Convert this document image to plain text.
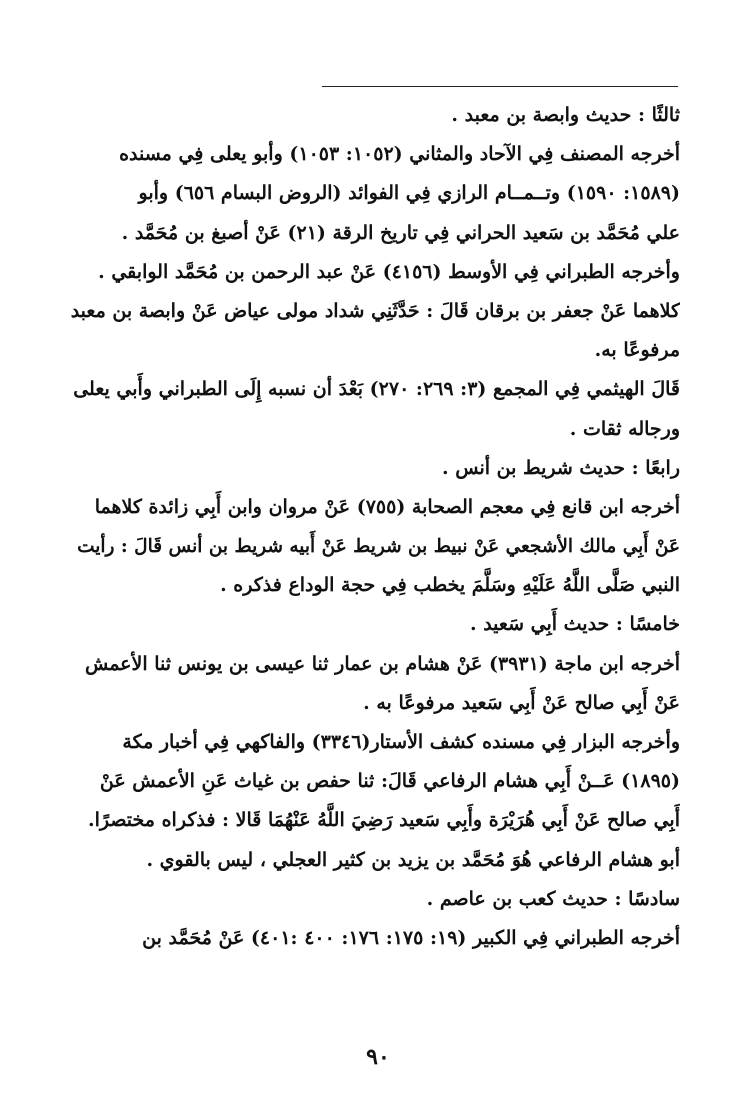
ثالثًا : حديث وابصة بن معبد .
أخرجه المصنف فِي الآحاد والمثاني (١٠٥٢: ١٠٥٣) وأبو يعلى فِي مسنده
(١٥٨٩: ١٥٩٠) وتــمــام الرازي فِي الفوائد (الروض البسام ٦٥٦) وأبو
علي مُحَمَّد بن سَعيد الحراني فِي تاريخ الرقة (٢١) عَنْ أصبغ بن مُحَمَّد .
وأخرجه الطبراني فِي الأوسط (٤١٥٦) عَنْ عبد الرحمن بن مُحَمَّد الوابقي .
كلاهما عَنْ جعفر بن برقان قَالَ : حَدَّثَنِي شداد مولى عياض عَنْ وابصة بن معبد
مرفوعًا به.
قَالَ الهيثمي فِي المجمع (٣: ٢٦٩: ٢٧٠) بَعْدَ أن نسبه إِلَى الطبراني وأَبي يعلى
ورجاله ثقات .
رابعًا : حديث شريط بن أنس .
أخرجه ابن قانع فِي معجم الصحابة (٧٥٥) عَنْ مروان وابن أَبِي زائدة كلاهما
عَنْ أَبِي مالك الأشجعي عَنْ نبيط بن شريط عَنْ أَبيه شريط بن أنس قَالَ : رأيت
النبي صَلَّى اللَّهُ عَلَيْهِ وسَلَّمَ يخطب فِي حجة الوداع فذكره .
خامسًا : حديث أَبِي سَعيد .
أخرجه ابن ماجة (٣٩٣١) عَنْ هشام بن عمار ثنا عيسى بن يونس ثنا الأعمش
عَنْ أَبِي صالح عَنْ أَبِي سَعيد مرفوعًا به .
وأخرجه البزار فِي مسنده كشف الأستار(٣٣٤٦) والفاكهي فِي أخبار مكة
(١٨٩٥) عَــنْ أَبِي هشام الرفاعي قَالَ: ثنا حفص بن غياث عَنِ الأعمش عَنْ
أَبِي صالح عَنْ أَبِي هُرَيْرَة وأَبِي سَعيد رَضِيَ اللَّهُ عَنْهُمَا قَالا : فذكراه مختصرًا.
أبو هشام الرفاعي هُوَ مُحَمَّد بن يزيد بن كثير العجلي ، ليس بالقوي .
سادسًا : حديث كعب بن عاصم .
أخرجه الطبراني فِي الكبير (١٩: ١٧٥: ١٧٦: ٤٠٠ :٤٠١) عَنْ مُحَمَّد بن
٩٠
